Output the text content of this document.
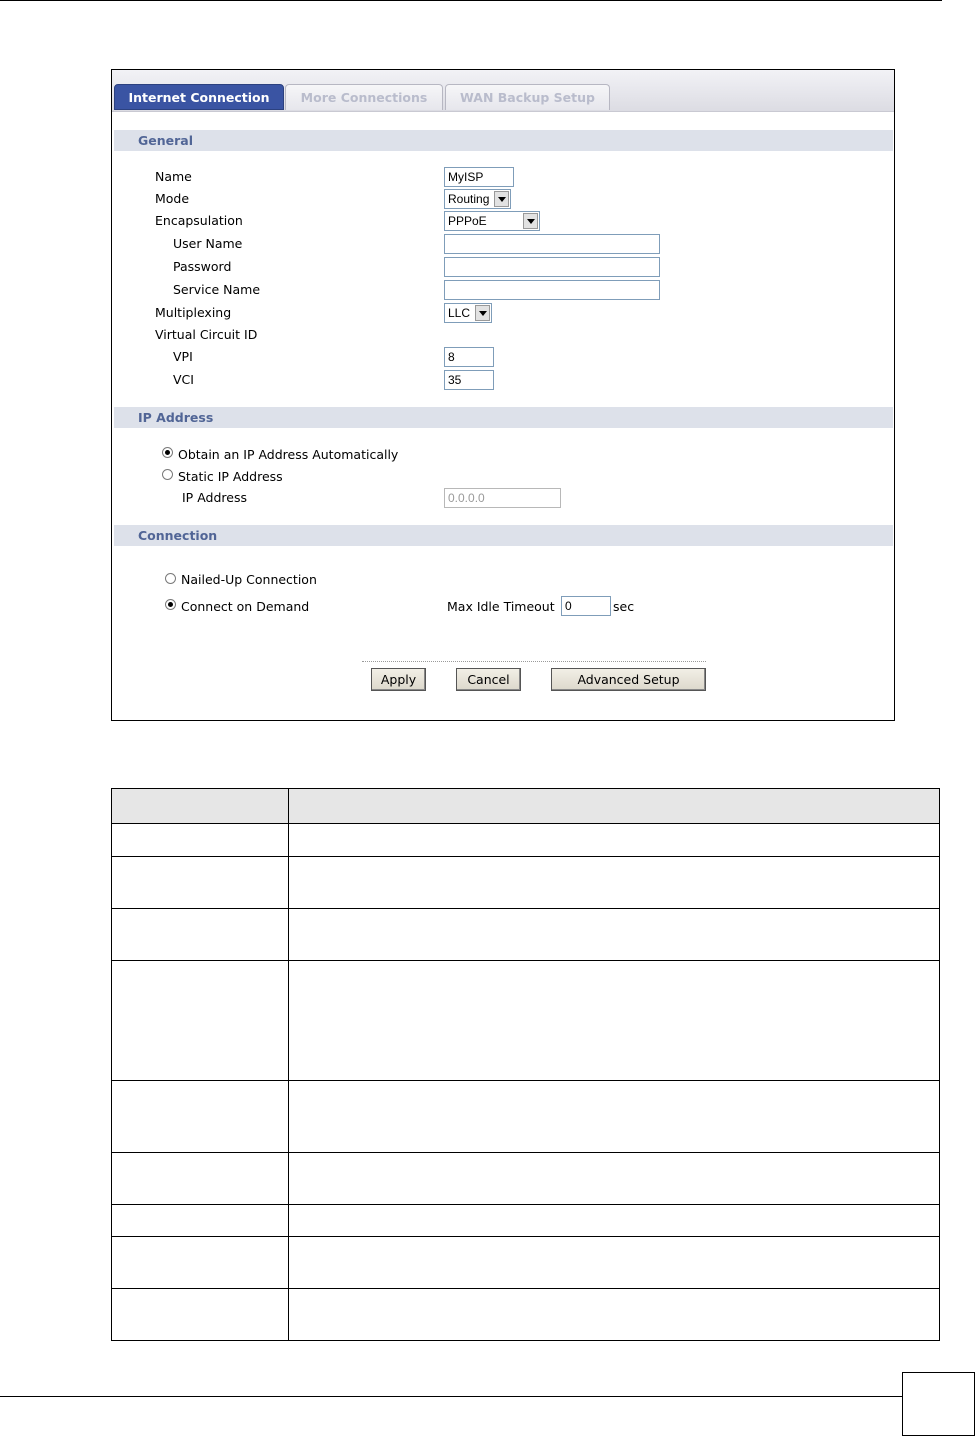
Internet Connection	More Connections	WAN Backup Setup
General
Name	MyISP
Mode	Routing
Encapsulation	PPPoE
User Name
Password
Service Name
Multiplexing	LLC
Virtual Circuit ID
VPI	8
VCI	35
IP Address
Obtain an IP Address Automatically
Static IP Address
IP Address	0.0.0.0
Connection
Nailed-Up Connection
Connect on Demand	Max Idle Timeout 0	sec
Apply	Cancel	Advanced Setup
